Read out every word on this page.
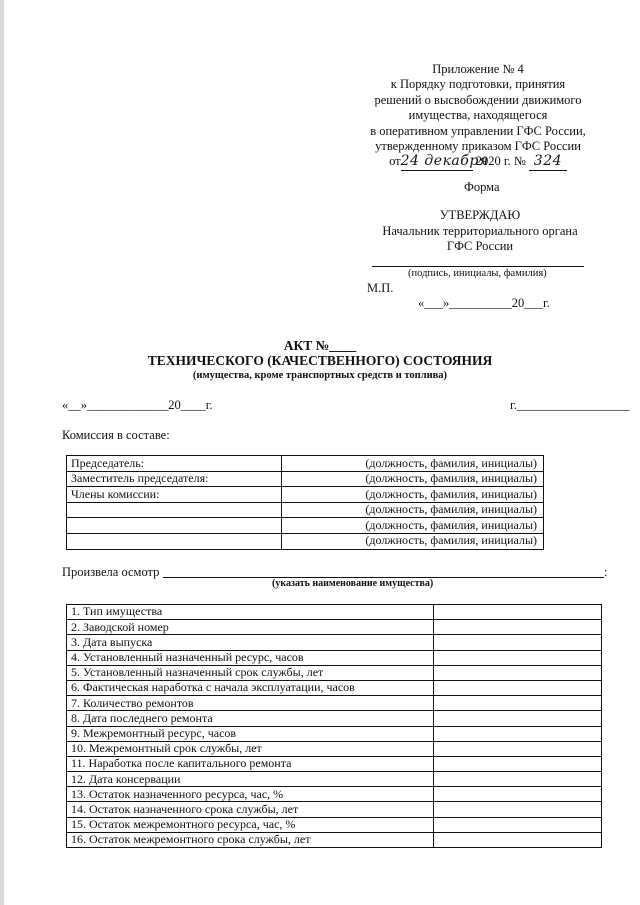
Приложение № 4
к Порядку подготовки, принятия
решений о высвобождении движимого
имущества, находящегося
в оперативном управлении ГФС России,
утвержденному приказом ГФС России
от24 декабря 2020 г. № 324
Форма
УТВЕРЖДАЮ
Начальник территориального органа
ГФС России
(подпись, инициалы, фамилия)
М.П.
«___»__________20___г.
АКТ №____
ТЕХНИЧЕСКОГО (КАЧЕСТВЕННОГО) СОСТОЯНИЯ
(имущества, кроме транспортных средств и топлива)
«__»_____________20____г.	г.__________________
Комиссия в составе:
Председатель:	(должность, фамилия, инициалы)
Заместитель председателя:	(должность, фамилия, инициалы)
Члены комиссии:	(должность, фамилия, инициалы)
	(должность, фамилия, инициалы)
	(должность, фамилия, инициалы)
	(должность, фамилия, инициалы)
Произвела осмотр	:
(указать наименование имущества)
1. Тип имущества	
2. Заводской номер	
3. Дата выпуска	
4. Установленный назначенный ресурс, часов	
5. Установленный назначенный срок службы, лет	
6. Фактическая наработка с начала эксплуатации, часов	
7. Количество ремонтов	
8. Дата последнего ремонта	
9. Межремонтный ресурс, часов	
10. Межремонтный срок службы, лет	
11. Наработка после капитального ремонта	
12. Дата консервации	
13. Остаток назначенного ресурса, час, %	
14. Остаток назначенного срока службы, лет	
15. Остаток межремонтного ресурса, час, %	
16. Остаток межремонтного срока службы, лет	
